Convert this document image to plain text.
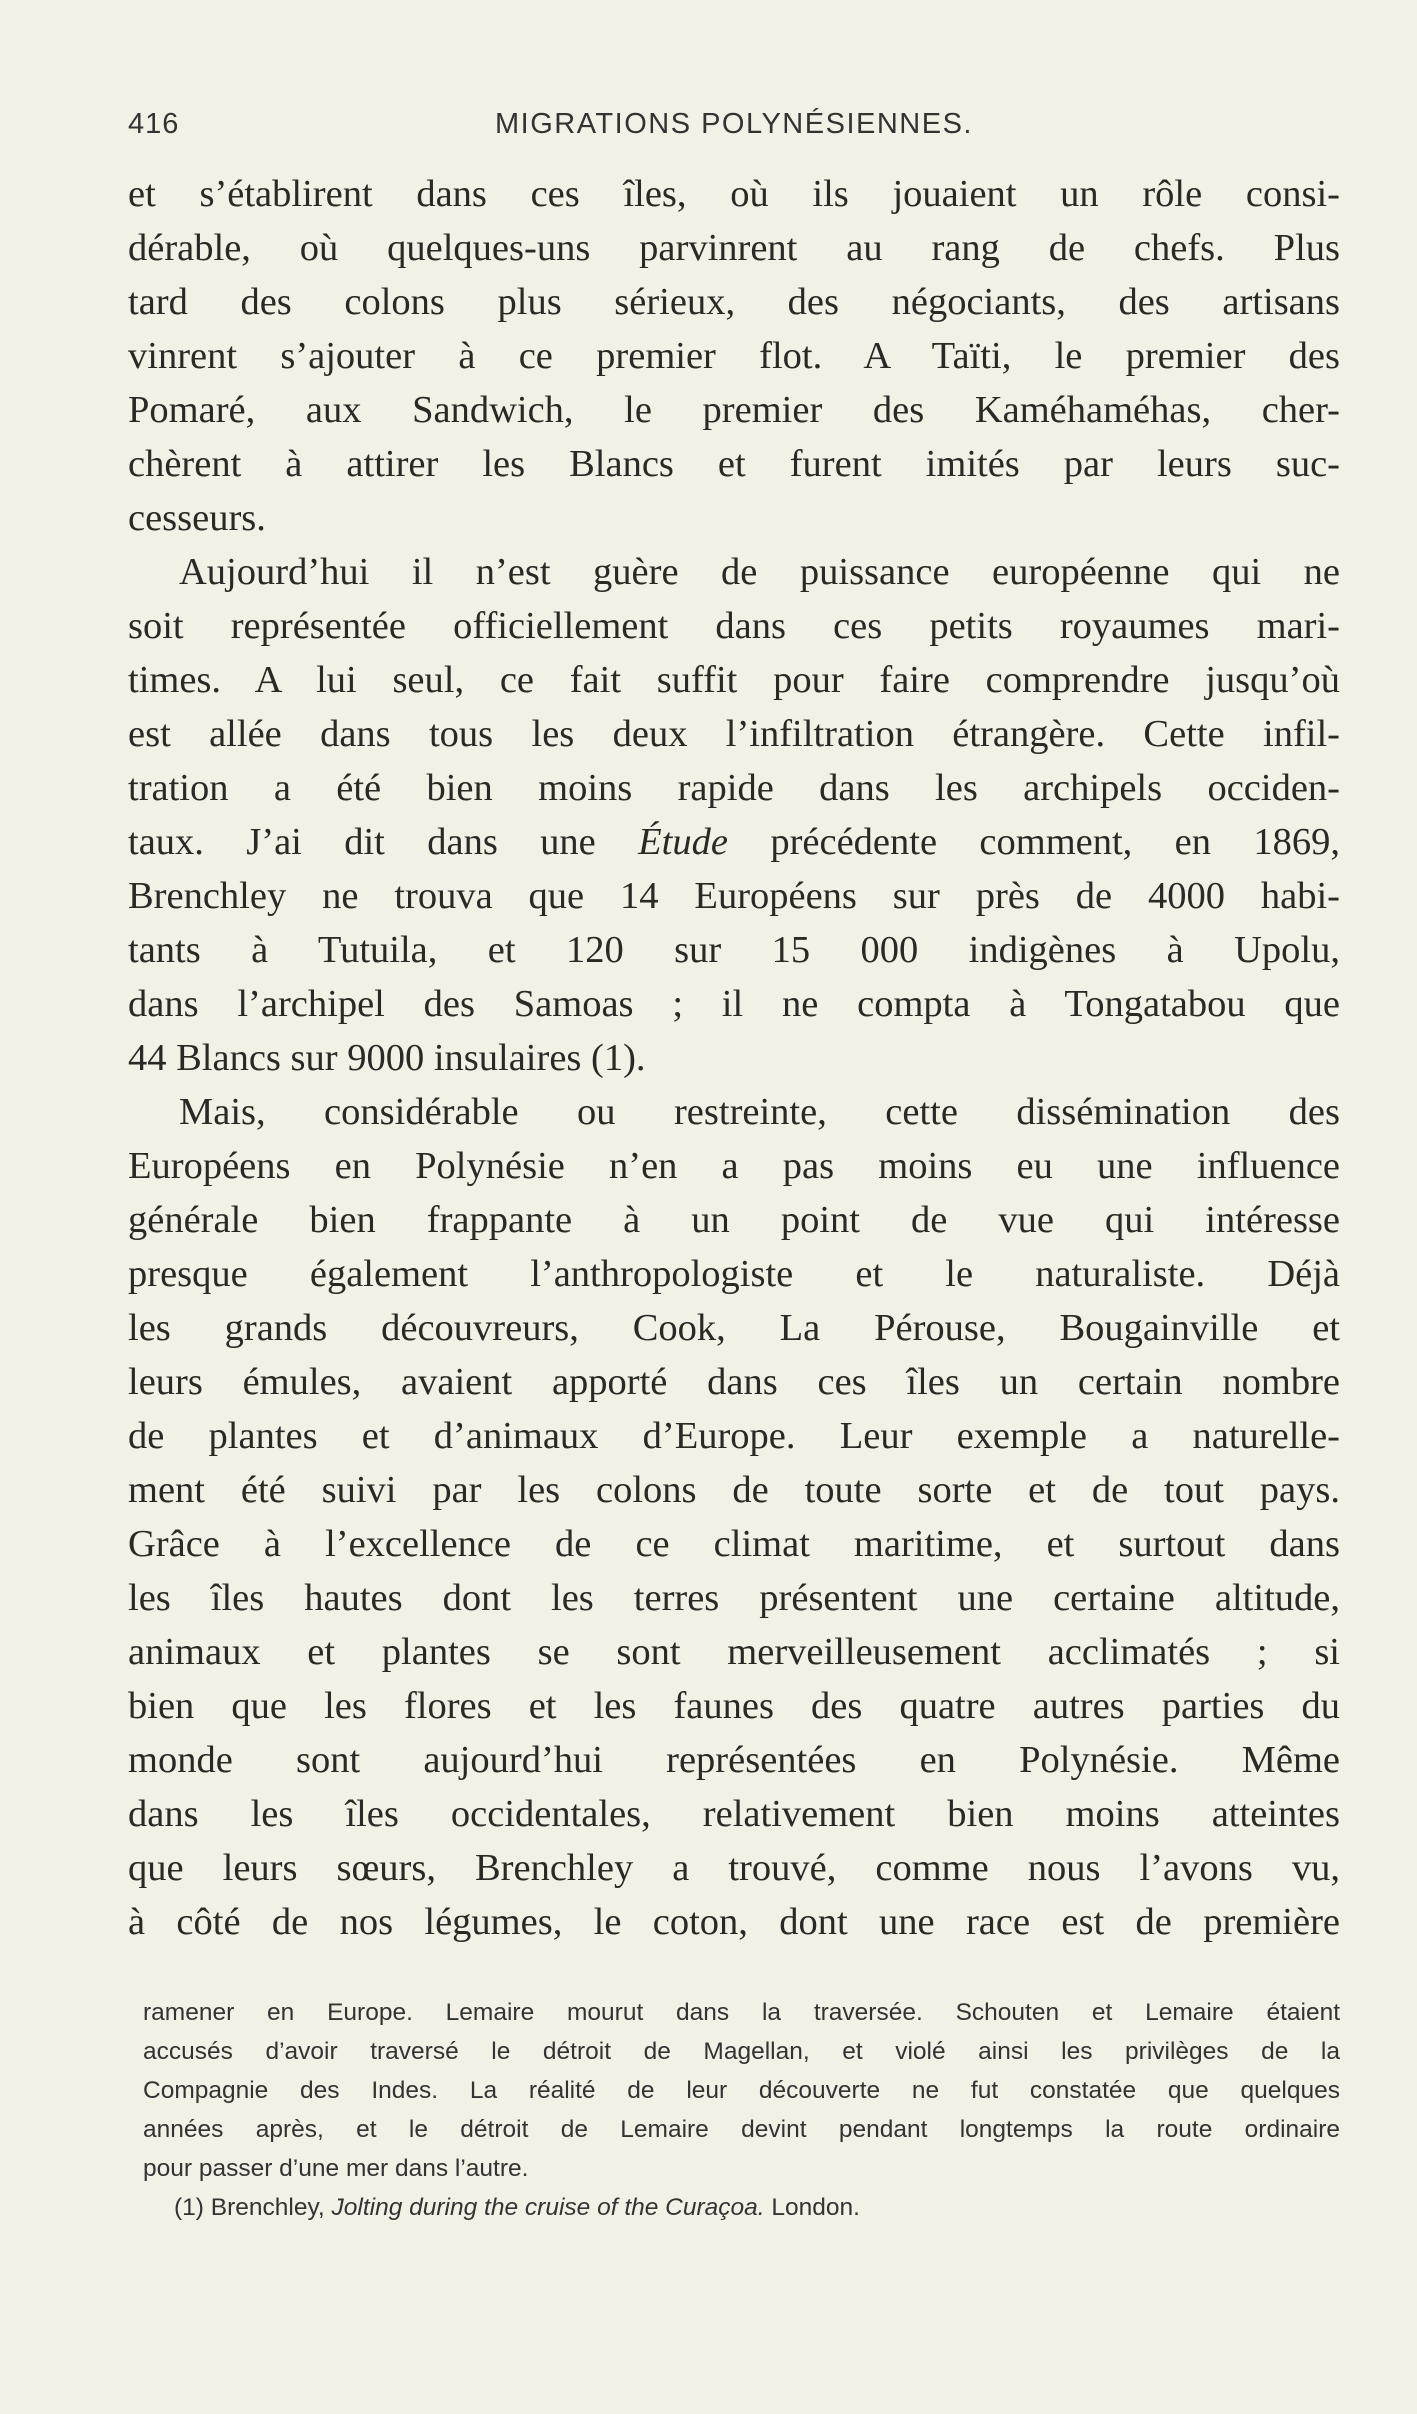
416	MIGRATIONS POLYNÉSIENNES.
et s’établirent dans ces îles, où ils jouaient un rôle consi-
dérable, où quelques-uns parvinrent au rang de chefs. Plus
tard des colons plus sérieux, des négociants, des artisans
vinrent s’ajouter à ce premier flot. A Taïti, le premier des
Pomaré, aux Sandwich, le premier des Kaméhaméhas, cher-
chèrent à attirer les Blancs et furent imités par leurs suc-
cesseurs.
Aujourd’hui il n’est guère de puissance européenne qui ne
soit représentée officiellement dans ces petits royaumes mari-
times. A lui seul, ce fait suffit pour faire comprendre jusqu’où
est allée dans tous les deux l’infiltration étrangère. Cette infil-
tration a été bien moins rapide dans les archipels occiden-
taux. J’ai dit dans une Étude précédente comment, en 1869,
Brenchley ne trouva que 14 Européens sur près de 4000 habi-
tants à Tutuila, et 120 sur 15 000 indigènes à Upolu,
dans l’archipel des Samoas ; il ne compta à Tongatabou que
44 Blancs sur 9000 insulaires (1).
Mais, considérable ou restreinte, cette dissémination des
Européens en Polynésie n’en a pas moins eu une influence
générale bien frappante à un point de vue qui intéresse
presque également l’anthropologiste et le naturaliste. Déjà
les grands découvreurs, Cook, La Pérouse, Bougainville et
leurs émules, avaient apporté dans ces îles un certain nombre
de plantes et d’animaux d’Europe. Leur exemple a naturelle-
ment été suivi par les colons de toute sorte et de tout pays.
Grâce à l’excellence de ce climat maritime, et surtout dans
les îles hautes dont les terres présentent une certaine altitude,
animaux et plantes se sont merveilleusement acclimatés ; si
bien que les flores et les faunes des quatre autres parties du
monde sont aujourd’hui représentées en Polynésie. Même
dans les îles occidentales, relativement bien moins atteintes
que leurs sœurs, Brenchley a trouvé, comme nous l’avons vu,
à côté de nos légumes, le coton, dont une race est de première
ramener en Europe. Lemaire mourut dans la traversée. Schouten et Lemaire étaient
accusés d’avoir traversé le détroit de Magellan, et violé ainsi les privilèges de la
Compagnie des Indes. La réalité de leur découverte ne fut constatée que quelques
années après, et le détroit de Lemaire devint pendant longtemps la route ordinaire
pour passer d’une mer dans l’autre.
(1) Brenchley, Jolting during the cruise of the Curaçoa. London.
